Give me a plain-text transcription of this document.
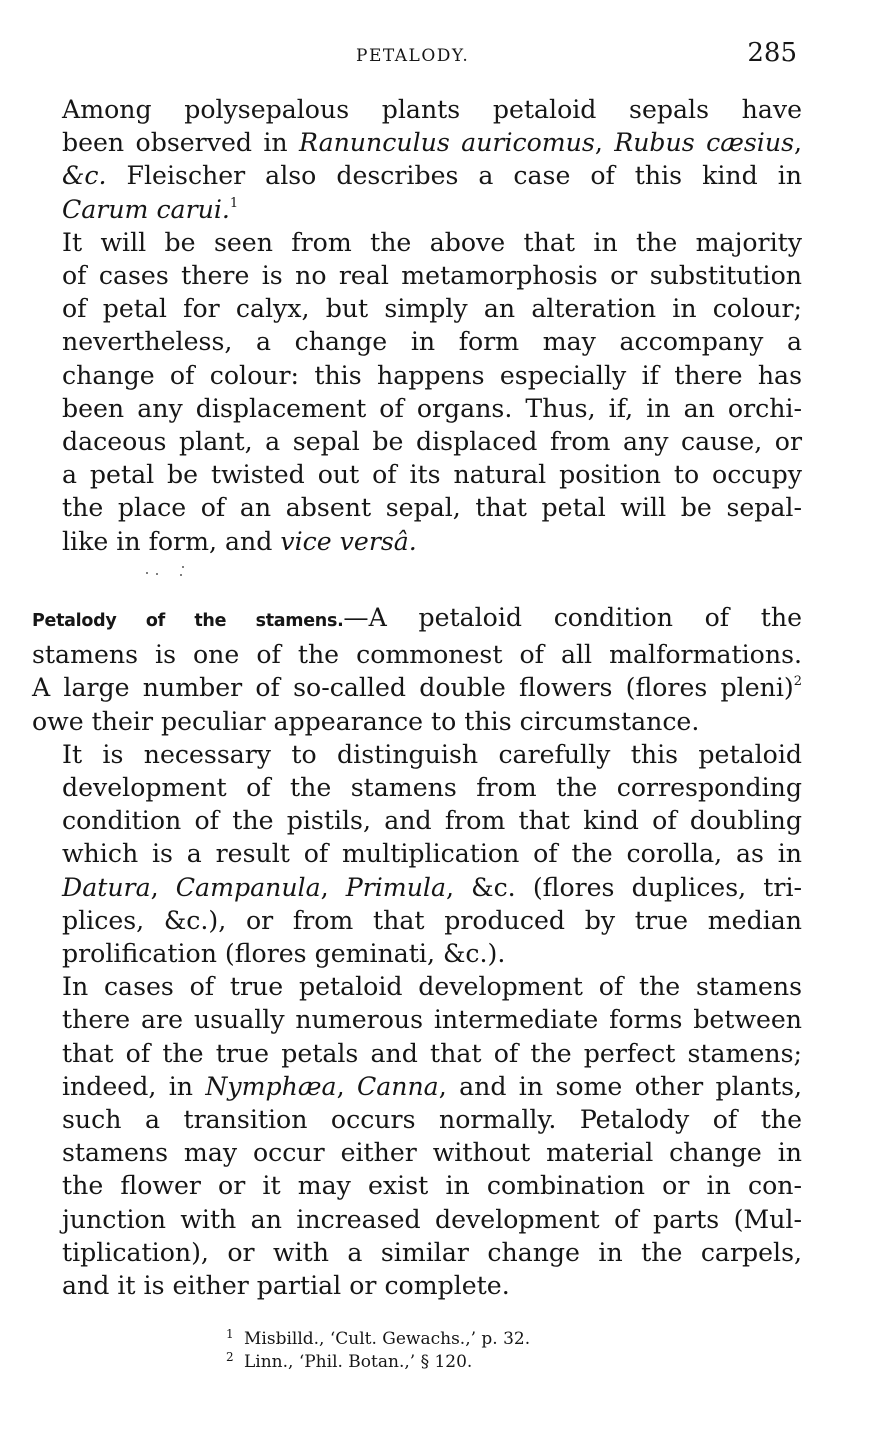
PETALODY.	285

Among polysepalous plants petaloid sepals have
been observed in Ranunculus auricomus, Rubus cæsius,
&c. Fleischer also describes a case of this kind in
Carum carui.$^1$

It will be seen from the above that in the majority
of cases there is no real metamorphosis or substitution
of petal for calyx, but simply an alteration in colour;
nevertheless, a change in form may accompany a
change of colour: this happens especially if there has
been any displacement of organs. Thus, if, in an orchi-
daceous plant, a sepal be displaced from any cause, or
a petal be twisted out of its natural position to occupy
the place of an absent sepal, that petal will be sepal-
like in form, and vice versâ.

Petalody of the stamens.—A petaloid condition of the
stamens is one of the commonest of all malformations.
A large number of so-called double flowers (flores pleni)$^2$
owe their peculiar appearance to this circumstance.

It is necessary to distinguish carefully this petaloid
development of the stamens from the corresponding
condition of the pistils, and from that kind of doubling
which is a result of multiplication of the corolla, as in
Datura, Campanula, Primula, &c. (flores duplices, tri-
plices, &c.), or from that produced by true median
prolification (flores geminati, &c.).

In cases of true petaloid development of the stamens
there are usually numerous intermediate forms between
that of the true petals and that of the perfect stamens;
indeed, in Nymphæa, Canna, and in some other plants,
such a transition occurs normally. Petalody of the
stamens may occur either without material change in
the flower or it may exist in combination or in con-
junction with an increased development of parts (Mul-
tiplication), or with a similar change in the carpels,
and it is either partial or complete.

1 Misbilld., ‘Cult. Gewachs.,’ p. 32.
2 Linn., ‘Phil. Botan.,’ § 120.
